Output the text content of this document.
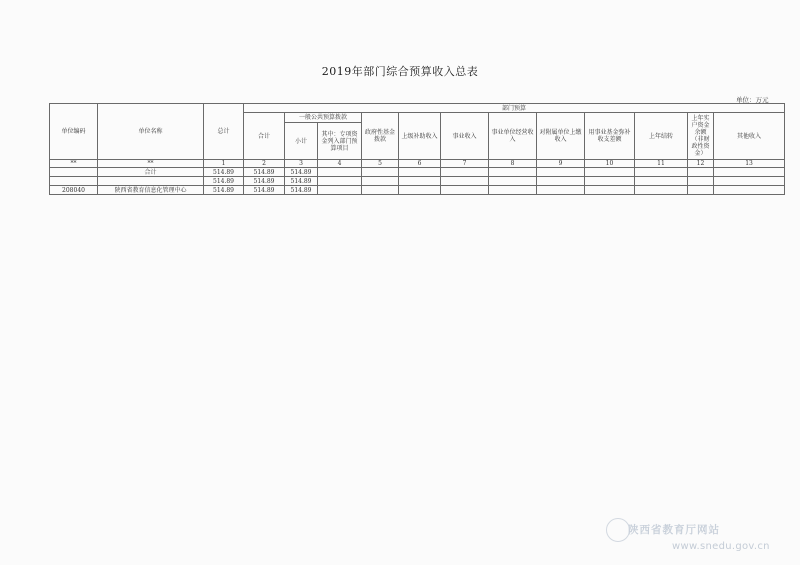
2019年部门综合预算收入总表
单位：万元
单位编码	单位名称	总计	部门预算											
			合计	一般公共预算拨款		政府性基金拨款	上级补助收入	事业收入	事业单位经营收入	对附属单位上缴收入	用事业基金弥补收支差额	上年结转	上年实户资金余额（非财政性资金）	其他收入
				小计	其中：专项资金列入部门预算项目									
**	**	1	2	3	4	5	6	7	8	9	10	11	12	13
	合计	514.89	514.89	514.89										
		514.89	514.89	514.89										
208040	陕西省教育信息化管理中心	514.89	514.89	514.89										
陕西省教育厅网站
www.snedu.gov.cn
